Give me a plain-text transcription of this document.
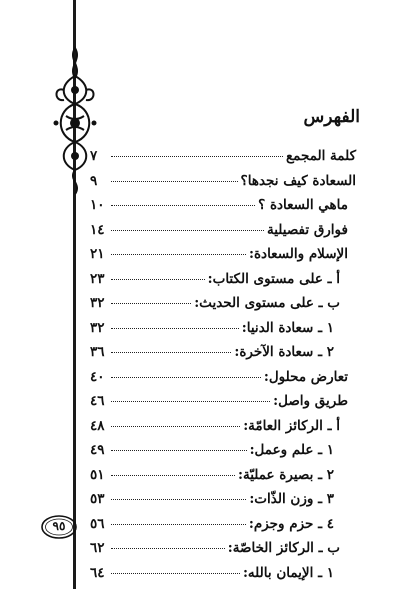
الفهرس
كلمة المجمع
٧
السعادة كيف نجدها؟
٩
ماهي السعادة ؟
١٠
فوارق تفصيلية
١٤
الإسلام والسعادة:
٢١
أ ـ على مستوى الكتاب:
٢٣
ب ـ على مستوى الحديث:
٣٢
١ ـ سعادة الدنيا:
٣٢
٢ ـ سعادة الآخرة:
٣٦
تعارض محلول:
٤٠
طريق واصل:
٤٦
أ ـ الركائز العامّة:
٤٨
١ ـ علم وعمل:
٤٩
٢ ـ بصيرة عمليّة:
٥١
٣ ـ وزن الذّات:
٥٣
٤ ـ حزم وجزم:
٥٦
ب ـ الركائز الخاصّة:
٦٢
١ ـ الإيمان بالله:
٦٤
٩٥
